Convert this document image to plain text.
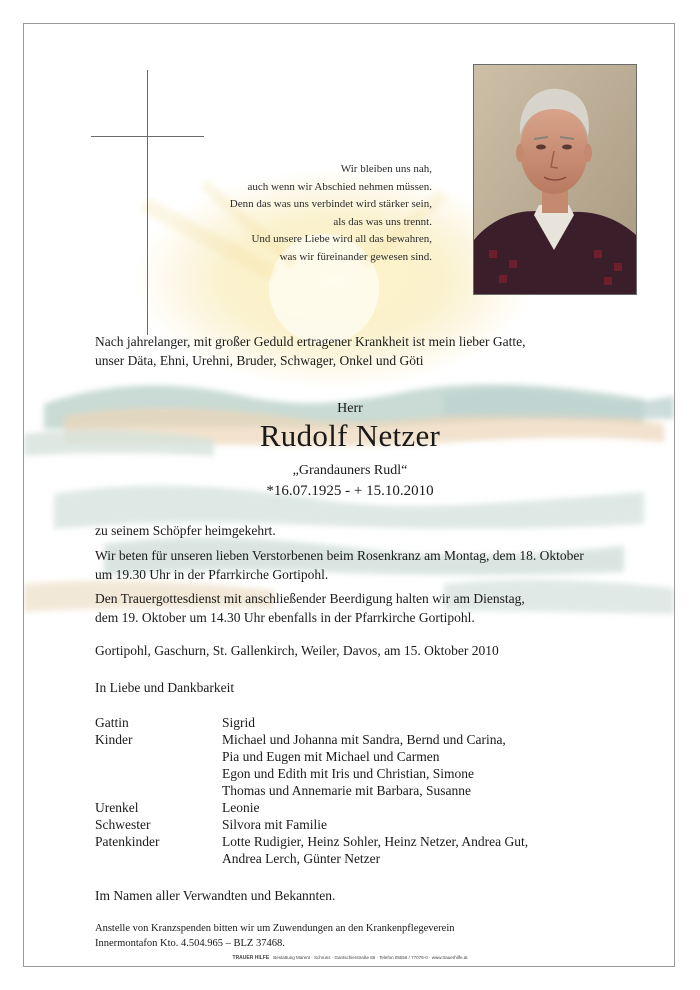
Wir bleiben uns nah,
auch wenn wir Abschied nehmen müssen.
Denn das was uns verbindet wird stärker sein,
als das was uns trennt.
Und unsere Liebe wird all das bewahren,
was wir füreinander gewesen sind.
Nach jahrelanger, mit großer Geduld ertragener Krankheit ist mein lieber Gatte,
unser Däta, Ehni, Urehni, Bruder, Schwager, Onkel und Göti
Herr
Rudolf Netzer
„Grandauners Rudl“
*16.07.1925 - + 15.10.2010
zu seinem Schöpfer heimgekehrt.
Wir beten für unseren lieben Verstorbenen beim Rosenkranz am Montag, dem 18. Oktober
um 19.30 Uhr in der Pfarrkirche Gortipohl.
Den Trauergottesdienst mit anschließender Beerdigung halten wir am Dienstag,
dem 19. Oktober um 14.30 Uhr ebenfalls in der Pfarrkirche Gortipohl.
Gortipohl, Gaschurn, St. Gallenkirch, Weiler, Davos, am 15. Oktober 2010
In Liebe und Dankbarkeit
Gattin	Sigrid
Kinder	Michael und Johanna mit Sandra, Bernd und Carina,
Pia und Eugen mit Michael und Carmen
Egon und Edith mit Iris und Christian, Simone
Thomas und Annemarie mit Barbara, Susanne
Urenkel	Leonie
Schwester	Silvora mit Familie
Patenkinder	Lotte Rudigier, Heinz Sohler, Heinz Netzer, Andrea Gut,
Andrea Lerch, Günter Netzer
Im Namen aller Verwandten und Bekannten.
Anstelle von Kranzspenden bitten wir um Zuwendungen an den Krankenpflegeverein
Innermontafon Kto. 4.504.965 – BLZ 37468.
TRAUER HILFE Bestattung Marent · Schruns · Gantschierstraße 86 · Telefon 05556 / 77079-0 · www.trauerhilfe.at
